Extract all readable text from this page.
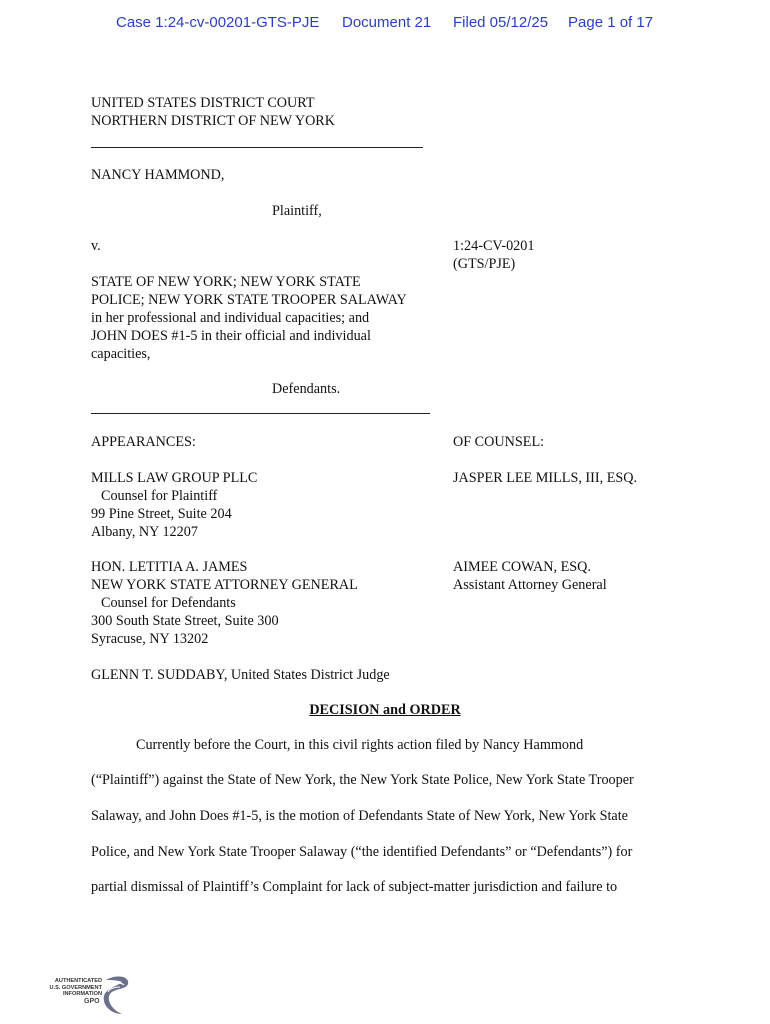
Case 1:24-cv-00201-GTS-PJE Document 21 Filed 05/12/25 Page 1 of 17
UNITED STATES DISTRICT COURT
NORTHERN DISTRICT OF NEW YORK
NANCY HAMMOND,
Plaintiff,
v.	1:24-CV-0201
(GTS/PJE)
STATE OF NEW YORK; NEW YORK STATE
POLICE; NEW YORK STATE TROOPER SALAWAY
in her professional and individual capacities; and
JOHN DOES #1-5 in their official and individual
capacities,
Defendants.
APPEARANCES:	OF COUNSEL:
MILLS LAW GROUP PLLC
Counsel for Plaintiff
99 Pine Street, Suite 204
Albany, NY 12207
JASPER LEE MILLS, III, ESQ.
HON. LETITIA A. JAMES
NEW YORK STATE ATTORNEY GENERAL
Counsel for Defendants
300 South State Street, Suite 300
Syracuse, NY 13202
AIMEE COWAN, ESQ.
Assistant Attorney General
GLENN T. SUDDABY, United States District Judge
DECISION and ORDER
Currently before the Court, in this civil rights action filed by Nancy Hammond
(“Plaintiff”) against the State of New York, the New York State Police, New York State Trooper
Salaway, and John Does #1-5, is the motion of Defendants State of New York, New York State
Police, and New York State Trooper Salaway (“the identified Defendants” or “Defendants”) for
partial dismissal of Plaintiff’s Complaint for lack of subject-matter jurisdiction and failure to
AUTHENTICATED
U.S. GOVERNMENT
INFORMATION
GPO
